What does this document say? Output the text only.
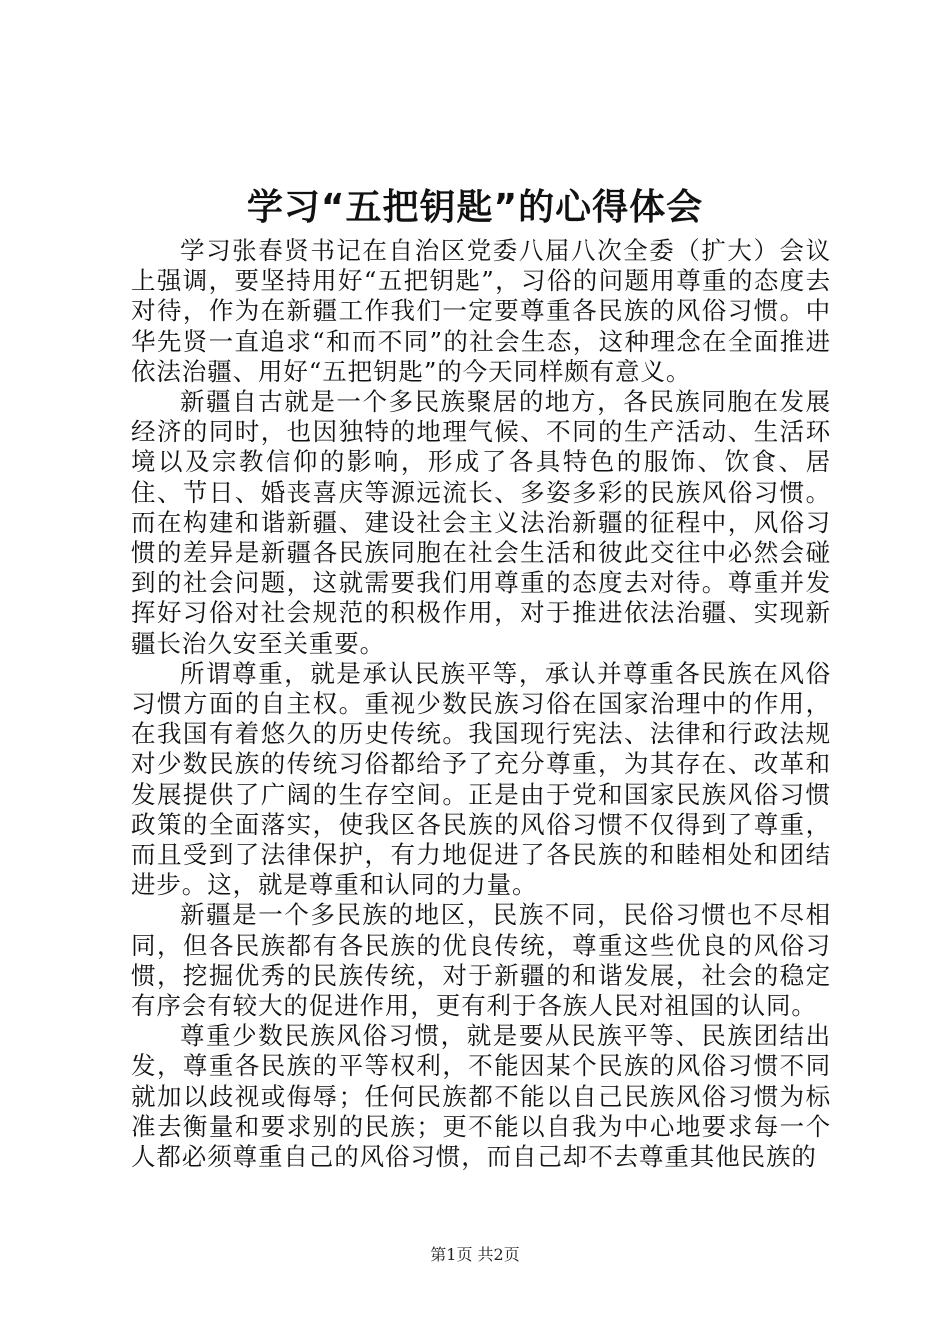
学习“五把钥匙”的心得体会

学习张春贤书记在自治区党委八届八次全委（扩大）会议上强调，要坚持用好“五把钥匙”，习俗的问题用尊重的态度去对待，作为在新疆工作我们一定要尊重各民族的风俗习惯。中华先贤一直追求“和而不同”的社会生态，这种理念在全面推进依法治疆、用好“五把钥匙”的今天同样颇有意义。

新疆自古就是一个多民族聚居的地方，各民族同胞在发展经济的同时，也因独特的地理气候、不同的生产活动、生活环境以及宗教信仰的影响，形成了各具特色的服饰、饮食、居住、节日、婚丧喜庆等源远流长、多姿多彩的民族风俗习惯。而在构建和谐新疆、建设社会主义法治新疆的征程中，风俗习惯的差异是新疆各民族同胞在社会生活和彼此交往中必然会碰到的社会问题，这就需要我们用尊重的态度去对待。尊重并发挥好习俗对社会规范的积极作用，对于推进依法治疆、实现新疆长治久安至关重要。

所谓尊重，就是承认民族平等，承认并尊重各民族在风俗习惯方面的自主权。重视少数民族习俗在国家治理中的作用，在我国有着悠久的历史传统。我国现行宪法、法律和行政法规对少数民族的传统习俗都给予了充分尊重，为其存在、改革和发展提供了广阔的生存空间。正是由于党和国家民族风俗习惯政策的全面落实，使我区各民族的风俗习惯不仅得到了尊重，而且受到了法律保护，有力地促进了各民族的和睦相处和团结进步。这，就是尊重和认同的力量。

新疆是一个多民族的地区，民族不同，民俗习惯也不尽相同，但各民族都有各民族的优良传统，尊重这些优良的风俗习惯，挖掘优秀的民族传统，对于新疆的和谐发展，社会的稳定有序会有较大的促进作用，更有利于各族人民对祖国的认同。

尊重少数民族风俗习惯，就是要从民族平等、民族团结出发，尊重各民族的平等权利，不能因某个民族的风俗习惯不同就加以歧视或侮辱；任何民族都不能以自己民族风俗习惯为标准去衡量和要求别的民族；更不能以自我为中心地要求每一个人都必须尊重自己的风俗习惯，而自己却不去尊重其他民族的

第1页 共2页
